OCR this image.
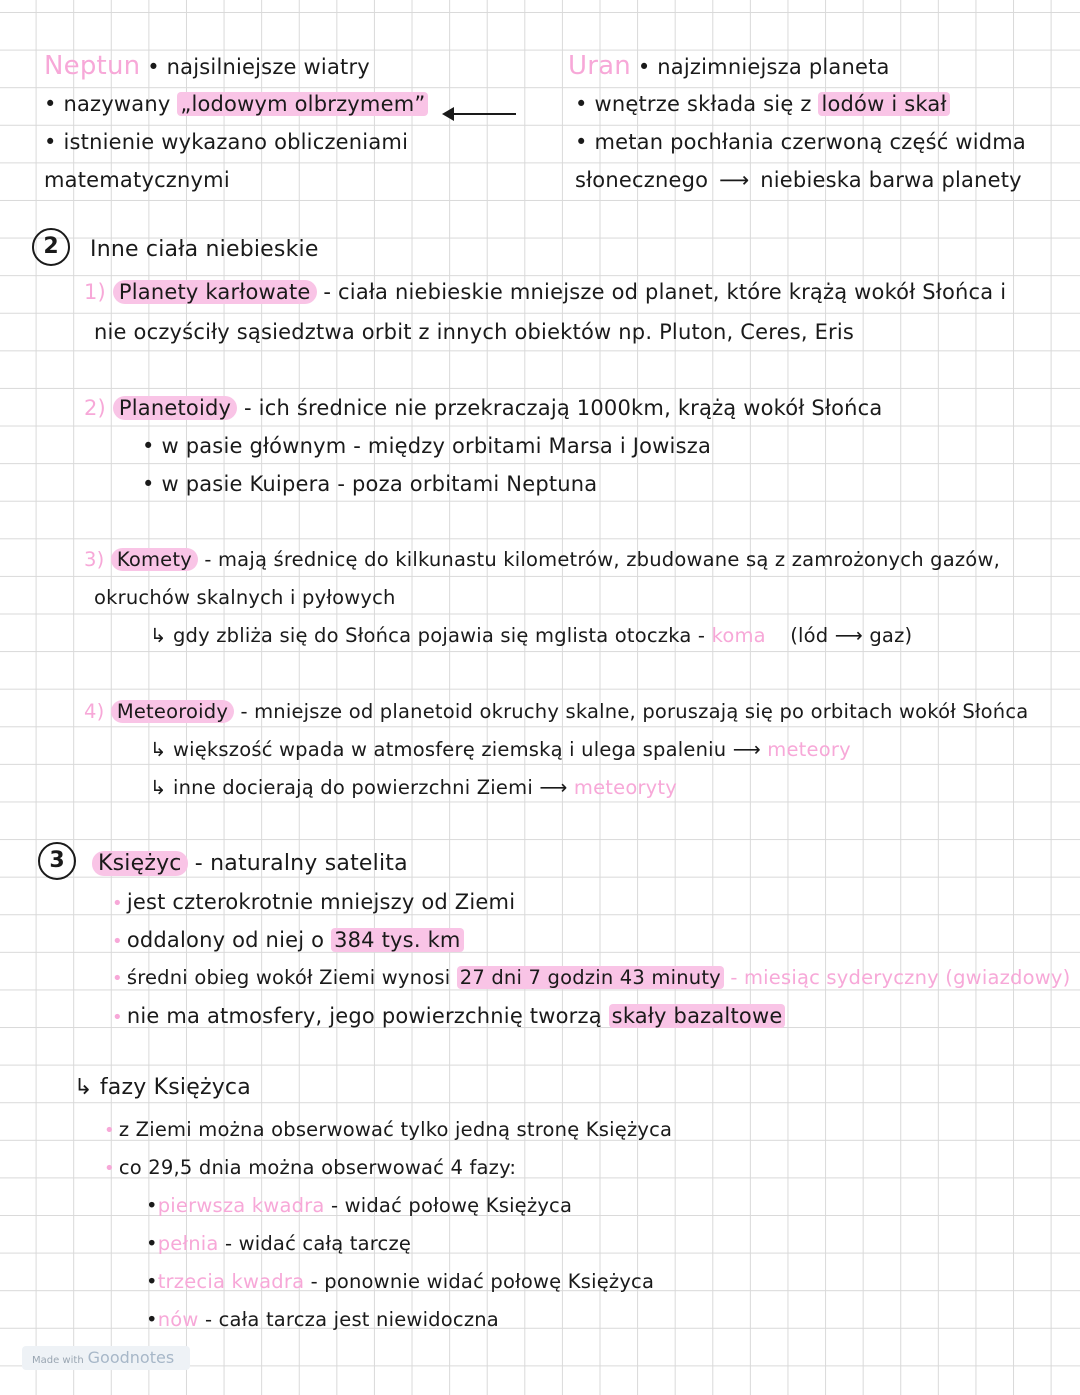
Neptun • najsilniejsze wiatry
• nazywany „lodowym olbrzymem”
• istnienie wykazano obliczeniami
matematycznymi
Uran • najzimniejsza planeta
• wnętrze składa się z lodów i skał
• metan pochłania czerwoną część widma
słonecznego ⟶ niebieska barwa planety
2	Inne ciała niebieskie
1) Planety karłowate - ciała niebieskie mniejsze od planet, które krążą wokół Słońca i
nie oczyściły sąsiedztwa orbit z innych obiektów np. Pluton, Ceres, Eris
2) Planetoidy - ich średnice nie przekraczają 1000km, krążą wokół Słońca
• w pasie głównym - między orbitami Marsa i Jowisza
• w pasie Kuipera - poza orbitami Neptuna
3) Komety - mają średnicę do kilkunastu kilometrów, zbudowane są z zamrożonych gazów,
okruchów skalnych i pyłowych
↳ gdy zbliża się do Słońca pojawia się mglista otoczka - koma (lód ⟶ gaz)
4) Meteoroidy - mniejsze od planetoid okruchy skalne, poruszają się po orbitach wokół Słońca
↳ większość wpada w atmosferę ziemską i ulega spaleniu ⟶ meteory
↳ inne docierają do powierzchni Ziemi ⟶ meteoryty
3	Księżyc - naturalny satelita
• jest czterokrotnie mniejszy od Ziemi
• oddalony od niej o 384 tys. km
• średni obieg wokół Ziemi wynosi 27 dni 7 godzin 43 minuty - miesiąc syderyczny (gwiazdowy)
• nie ma atmosfery, jego powierzchnię tworzą skały bazaltowe
↳ fazy Księżyca
• z Ziemi można obserwować tylko jedną stronę Księżyca
• co 29,5 dnia można obserwować 4 fazy:
•pierwsza kwadra - widać połowę Księżyca
•pełnia - widać całą tarczę
•trzecia kwadra - ponownie widać połowę Księżyca
•nów - cała tarcza jest niewidoczna
Made with Goodnotes
